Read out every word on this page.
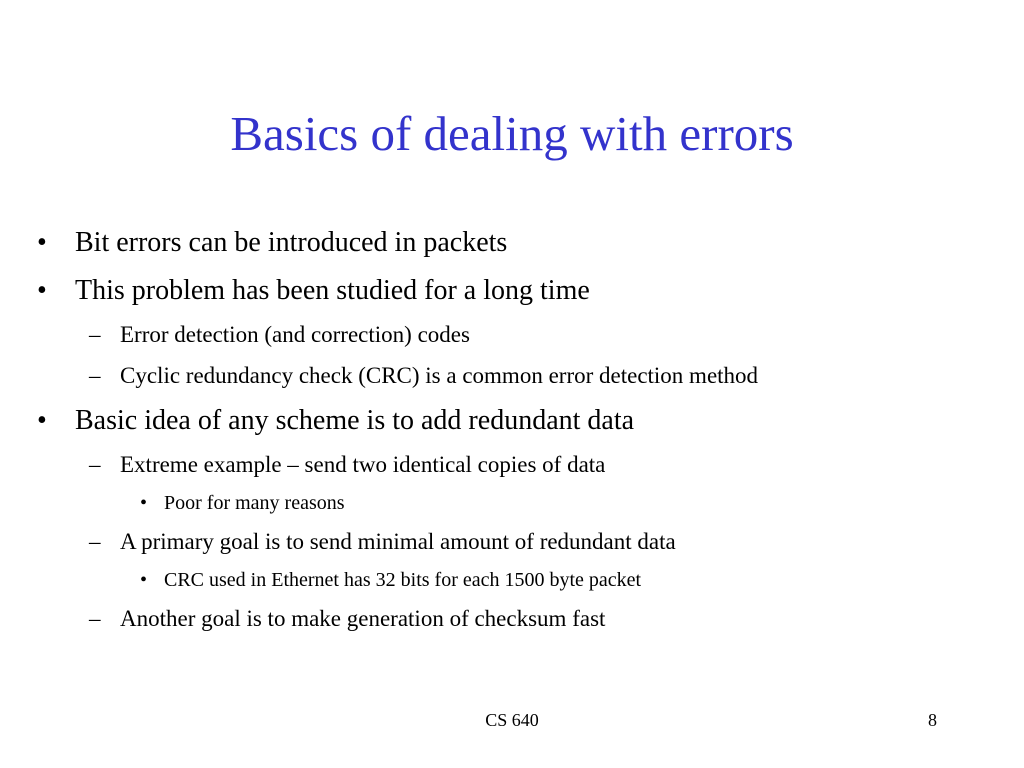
Basics of dealing with errors
• Bit errors can be introduced in packets
• This problem has been studied for a long time
– Error detection (and correction) codes
– Cyclic redundancy check (CRC) is a common error detection method
• Basic idea of any scheme is to add redundant data
– Extreme example – send two identical copies of data
• Poor for many reasons
– A primary goal is to send minimal amount of redundant data
• CRC used in Ethernet has 32 bits for each 1500 byte packet
– Another goal is to make generation of checksum fast
CS 640	8
